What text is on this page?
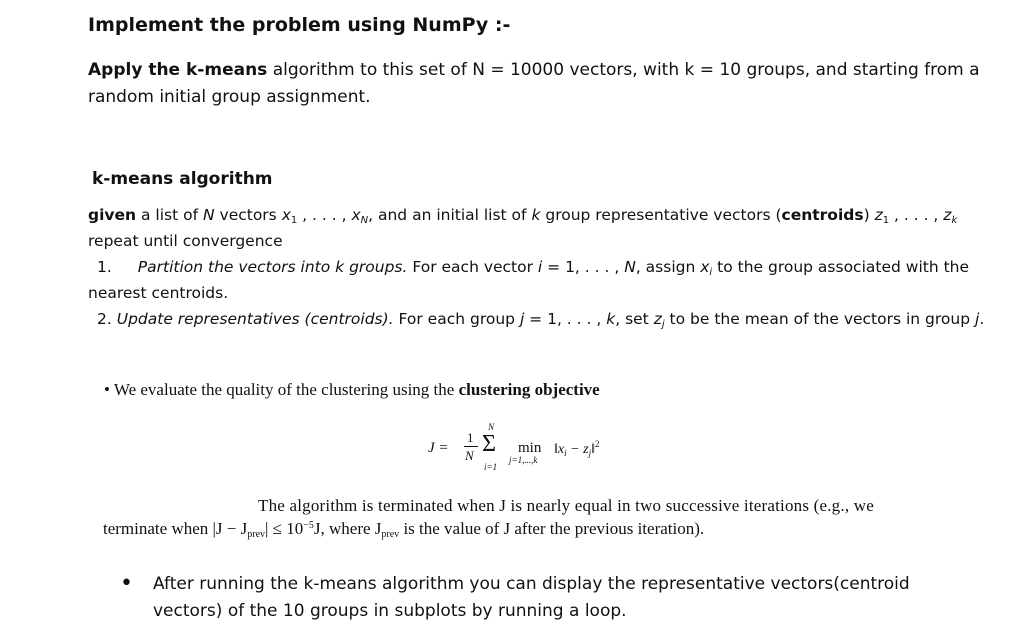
Implement the problem using NumPy :-
Apply the k-means algorithm to this set of N = 10000 vectors, with k = 10 groups, and starting from a
random initial group assignment.
k-means algorithm
given a list of N vectors $x_1$ , . . . , $x_N$, and an initial list of k group representative vectors (centroids) $z_1$ , . . . , $z_k$
repeat until convergence
1. Partition the vectors into k groups. For each vector i = 1, . . . , N, assign $x_i$ to the group associated with the
nearest centroids.
2. Update representatives (centroids). For each group j = 1, . . . , k, set $z_j$ to be the mean of the vectors in group j.
• We evaluate the quality of the clustering using the clustering objective
J =
1
N
N
Σ
i=1
min
j=1,...,k
$‖x_i$ − $z_j‖^2$
The algorithm is terminated when J is nearly equal in two successive iterations (e.g., we
terminate when $|J - J_{prev}| \le 10^{-5}J$, where $J_{prev}$ is the value of J after the previous iteration).
• After running the k-means algorithm you can display the representative vectors(centroid vectors) of the 10 groups in subplots by running a loop.
